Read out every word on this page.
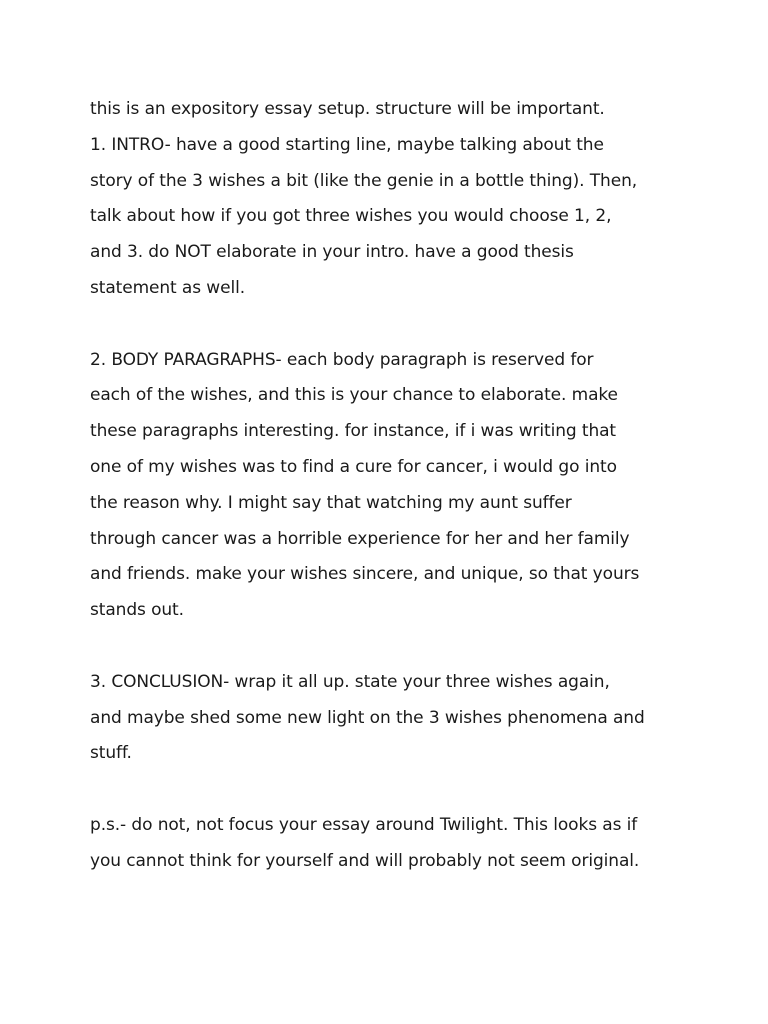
this is an expository essay setup. structure will be important.
1. INTRO- have a good starting line, maybe talking about the
story of the 3 wishes a bit (like the genie in a bottle thing). Then,
talk about how if you got three wishes you would choose 1, 2,
and 3. do NOT elaborate in your intro. have a good thesis
statement as well.
2. BODY PARAGRAPHS- each body paragraph is reserved for
each of the wishes, and this is your chance to elaborate. make
these paragraphs interesting. for instance, if i was writing that
one of my wishes was to find a cure for cancer, i would go into
the reason why. I might say that watching my aunt suffer
through cancer was a horrible experience for her and her family
and friends. make your wishes sincere, and unique, so that yours
stands out.
3. CONCLUSION- wrap it all up. state your three wishes again,
and maybe shed some new light on the 3 wishes phenomena and
stuff.
p.s.- do not, not focus your essay around Twilight. This looks as if
you cannot think for yourself and will probably not seem original.
